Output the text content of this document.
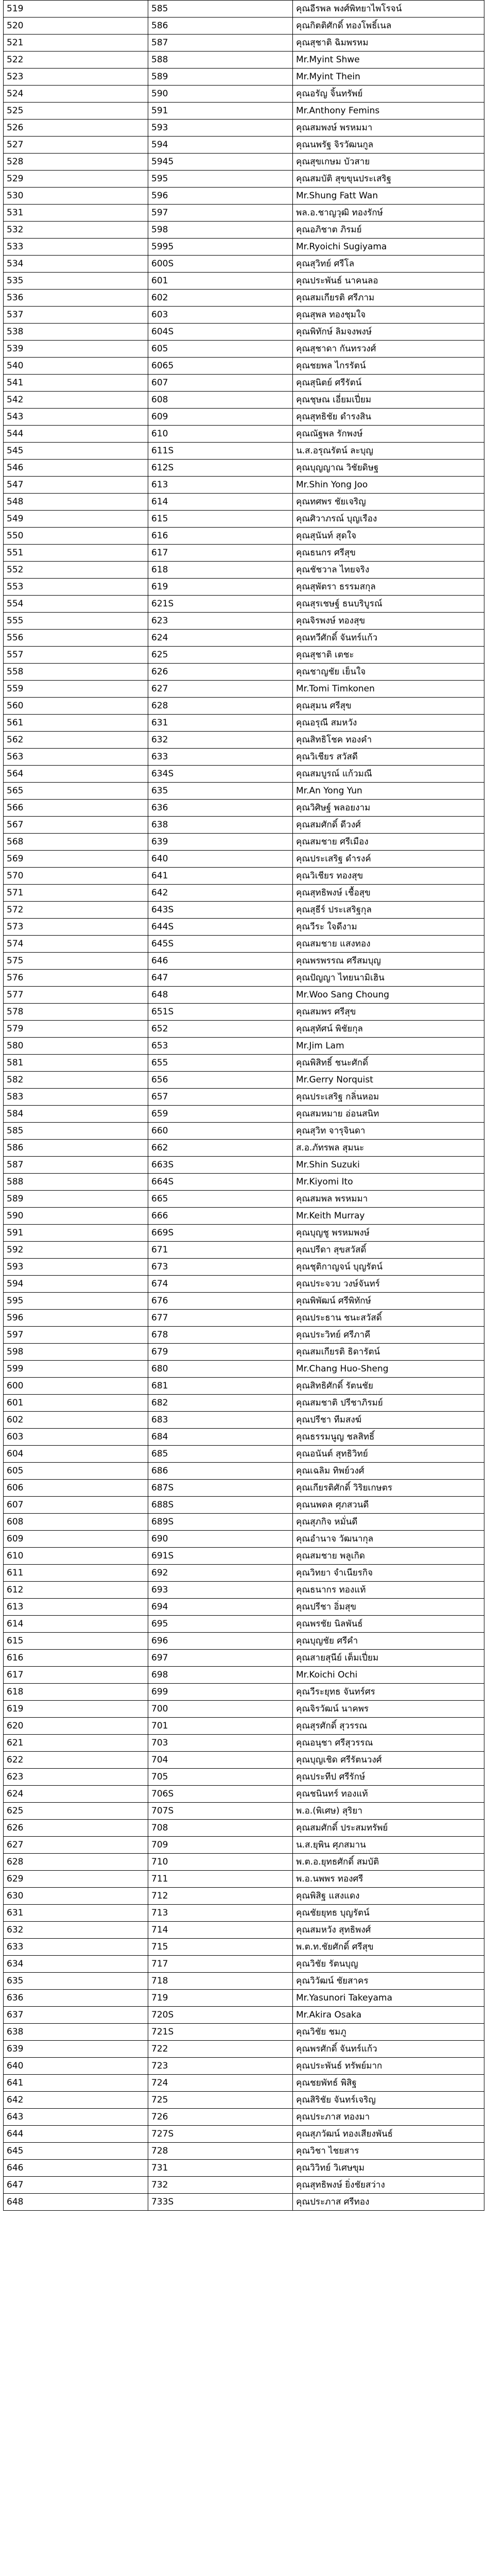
519	585	คุณอีรพล พงศ์พิทยาไพโรจน์
520	586	คุณกิตติศักดิ์ ทองโพธิ์เนล
521	587	คุณสุชาติ ฉิมพรหม
522	588	Mr.Myint Shwe
523	589	Mr.Myint Thein
524	590	คุณอรัญ จิ้นทรัพย์
525	591	Mr.Anthony Femins
526	593	คุณสมพงษ์ พรหมมา
527	594	คุณนพรัฐ จิรวัฒนกูล
528	5945	คุณสุขเกษม บัวสาย
529	595	คุณสมบัติ สุขขุนประเสริฐ
530	596	Mr.Shung Fatt Wan
531	597	พล.อ.ชาญวุฒิ ทองรักษ์
532	598	คุณอภิชาต ภิรมย์
533	5995	Mr.Ryoichi Sugiyama
534	600S	คุณสุวิทย์ ศรีโล
535	601	คุณประพันธ์ นาคนลอ
536	602	คุณสมเกียรติ ศรีภาม
537	603	คุณสุพล ทองชุมใจ
538	604S	คุณพิทักษ์ ลิมจงพงษ์
539	605	คุณสุชาดา กันทรวงศ์
540	6065	คุณชยพล ไกรรัตน์
541	607	คุณสุนิตย์ ศรีรัตน์
542	608	คุณชุษณ เอี่ยมเปี่ยม
543	609	คุณสุทธิชัย ดำรงสิน
544	610	คุณณัฐพล รักพงษ์
545	611S	น.ส.อรุณรัตน์ ละบุญ
546	612S	คุณบุญญาณ วิชัยดิษฐ
547	613	Mr.Shin Yong Joo
548	614	คุณทศพร ชัยเจริญ
549	615	คุณศิวาภรณ์ บุญเรือง
550	616	คุณสุนันท์ สุดใจ
551	617	คุณธนกร ศรีสุข
552	618	คุณชัชวาล ไทยจริง
553	619	คุณสุพัตรา ธรรมสกุล
554	621S	คุณสุรเชษฐ์ ธนบริบูรณ์
555	623	คุณจิรพงษ์ ทองสุข
556	624	คุณทวีศักดิ์ จันทร์แก้ว
557	625	คุณสุชาติ เตชะ
558	626	คุณชาญชัย เย็นใจ
559	627	Mr.Tomi Timkonen
560	628	คุณสุมน ศรีสุข
561	631	คุณอรุณี สมหวัง
562	632	คุณสิทธิโชค ทองคำ
563	633	คุณวิเชียร สวัสดี
564	634S	คุณสมบูรณ์ แก้วมณี
565	635	Mr.An Yong Yun
566	636	คุณวิศิษฐ์ พลอยงาม
567	638	คุณสมศักดิ์ ดีวงศ์
568	639	คุณสมชาย ศรีเมือง
569	640	คุณประเสริฐ ดำรงค์
570	641	คุณวิเชียร ทองสุข
571	642	คุณสุทธิพงษ์ เชื้อสุข
572	643S	คุณสุธีร์ ประเสริฐกุล
573	644S	คุณวีระ ใจดีงาม
574	645S	คุณสมชาย แสงทอง
575	646	คุณพรพรรณ ศรีสมบุญ
576	647	คุณปัญญา ไทยนามิเฮิน
577	648	Mr.Woo Sang Choung
578	651S	คุณสมพร ศรีสุข
579	652	คุณสุทัศน์ พิชัยกุล
580	653	Mr.Jim Lam
581	655	คุณพิสิทธิ์ ชนะศักดิ์
582	656	Mr.Gerry Norquist
583	657	คุณประเสริฐ กลิ่นหอม
584	659	คุณสมหมาย อ่อนสนิท
585	660	คุณสุวิท จารุจินดา
586	662	ส.อ.ภัทรพล สุมนะ
587	663S	Mr.Shin Suzuki
588	664S	Mr.Kiyomi Ito
589	665	คุณสมพล พรหมมา
590	666	Mr.Keith Murray
591	669S	คุณบุญชู พรหมพงษ์
592	671	คุณปรีดา สุขสวัสดิ์
593	673	คุณชุติกาญจน์ บุญรัตน์
594	674	คุณประจวบ วงษ์จันทร์
595	676	คุณพิพัฒน์ ศรีพิทักษ์
596	677	คุณประธาน ชนะสวัสดิ์
597	678	คุณประวิทย์ ศรีภาคี
598	679	คุณสมเกียรติ ธิดารัตน์
599	680	Mr.Chang Huo-Sheng
600	681	คุณสิทธิศักดิ์ รัตนชัย
601	682	คุณสมชาติ ปรีชาภิรมย์
602	683	คุณปรีชา ทีมสงฆ์
603	684	คุณธรรมนูญ ชลสิทธิ์
604	685	คุณอนันต์ สุทธิวิทย์
605	686	คุณเฉลิม ทิพย์วงศ์
606	687S	คุณเกียรติศักดิ์ วิริยเกษตร
607	688S	คุณนพดล ศุภสวนดี
608	689S	คุณสุภกิจ หมั่นดี
609	690	คุณอำนาจ วัฒนากุล
610	691S	คุณสมชาย พลูเกิด
611	692	คุณวิทยา จำเนียรกิจ
612	693	คุณธนากร ทองแท้
613	694	คุณปรีชา อิ่มสุข
614	695	คุณพรชัย นิลพันธ์
615	696	คุณบุญชัย ศรีคำ
616	697	คุณสายสุนีย์ เต็มเปี่ยม
617	698	Mr.Koichi Ochi
618	699	คุณวีระยุทธ จันทร์ศร
619	700	คุณจิรวัฒน์ นาคพร
620	701	คุณสุรศักดิ์ สุวรรณ
621	703	คุณอนุชา ศรีสุวรรณ
622	704	คุณบุญเชิด ศรีรัตนวงศ์
623	705	คุณประทีป ศรีรักษ์
624	706S	คุณชนินทร์ ทองแท้
625	707S	พ.อ.(พิเศษ) สุริยา
626	708	คุณสมศักดิ์ ประสมทรัพย์
627	709	น.ส.ยุพิน ศุภสมาน
628	710	พ.ต.อ.ยุทธศักดิ์ สมบัติ
629	711	พ.อ.นพพร ทองศรี
630	712	คุณพิสิฐ แสงแดง
631	713	คุณชัยยุทธ บุญรัตน์
632	714	คุณสมหวัง สุทธิพงศ์
633	715	พ.ต.ท.ชัยศักดิ์ ศรีสุข
634	717	คุณวิชัย รัตนบุญ
635	718	คุณวิวัฒน์ ชัยสาคร
636	719	Mr.Yasunori Takeyama
637	720S	Mr.Akira Osaka
638	721S	คุณวิชัย ชมภู
639	722	คุณพรศักดิ์ จันทร์แก้ว
640	723	คุณประพันธ์ ทรัพย์มาก
641	724	คุณชยพัทธ์ พิสิฐ
642	725	คุณสิริชัย จันทร์เจริญ
643	726	คุณประภาส ทองมา
644	727S	คุณสุภวัฒน์ ทองเสียงพันธ์
645	728	คุณวิชา ไชยสาร
646	731	คุณวิวิทย์ วิเศษขุม
647	732	คุณสุทธิพงษ์ ยิ่งชัยสว่าง
648	733S	คุณประภาส ศรีทอง
